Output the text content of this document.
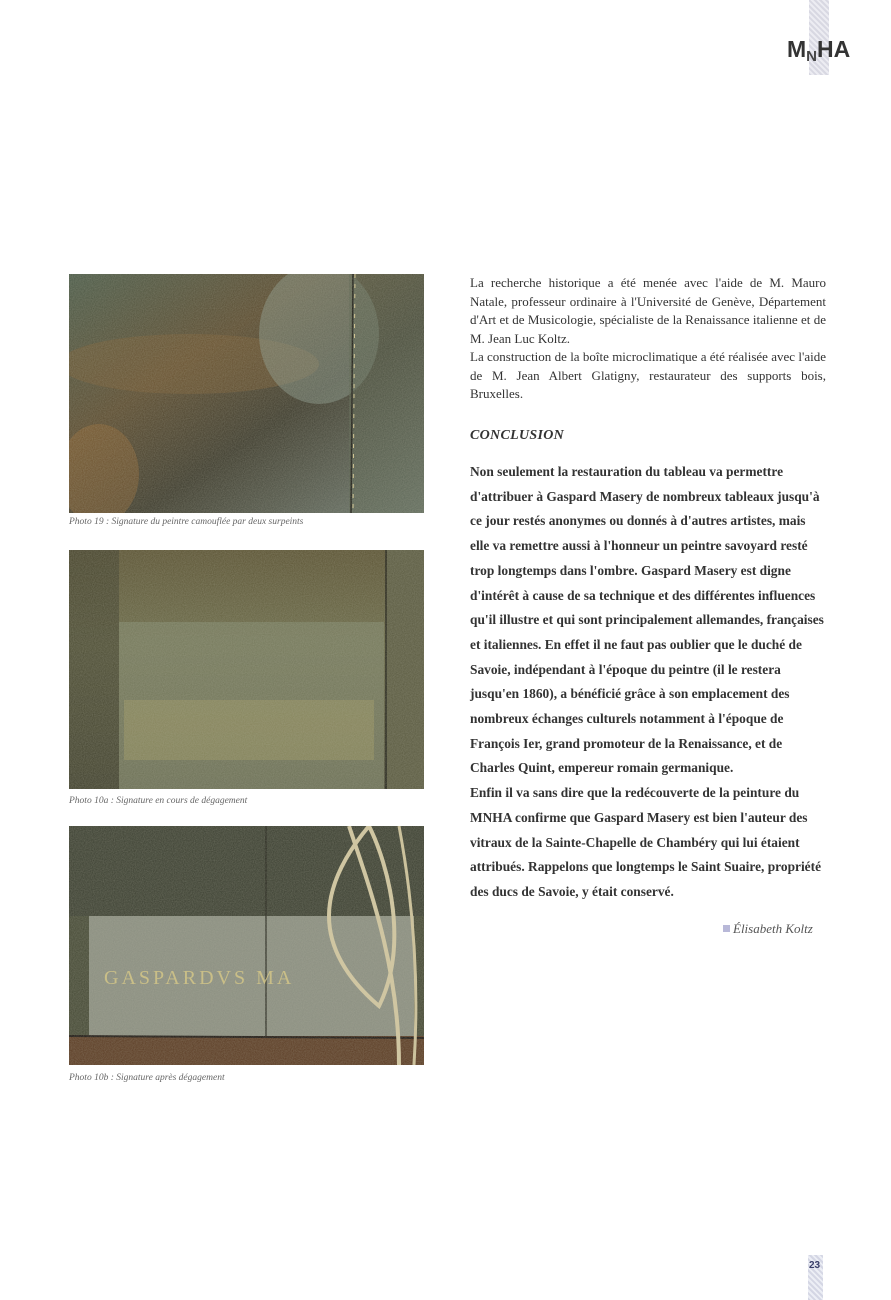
MNHA
Photo 19 : Signature du peintre camouflée par deux surpeints
Photo 10a : Signature en cours de dégagement
Photo 10b : Signature après dégagement

La recherche historique a été menée avec l'aide de M. Mauro Natale, professeur ordinaire à l'Université de Genève, Département d'Art et de Musicologie, spécialiste de la Renaissance italienne et de M. Jean Luc Koltz.

La construction de la boîte microclimatique a été réalisée avec l'aide de M. Jean Albert Glatigny, restaurateur des supports bois, Bruxelles.

CONCLUSION

Non seulement la restauration du tableau va permettre d'attribuer à Gaspard Masery de nombreux tableaux jusqu'à ce jour restés anonymes ou donnés à d'autres artistes, mais elle va remettre aussi à l'honneur un peintre savoyard resté trop longtemps dans l'ombre. Gaspard Masery est digne d'intérêt à cause de sa technique et des différentes influences qu'il illustre et qui sont principalement allemandes, françaises et italiennes. En effet il ne faut pas oublier que le duché de Savoie, indépendant à l'époque du peintre (il le restera jusqu'en 1860), a bénéficié grâce à son emplacement des nombreux échanges culturels notamment à l'époque de François Ier, grand promoteur de la Renaissance, et de Charles Quint, empereur romain germanique.

Enfin il va sans dire que la redécouverte de la peinture du MNHA confirme que Gaspard Masery est bien l'auteur des vitraux de la Sainte-Chapelle de Chambéry qui lui étaient attribués. Rappelons que longtemps le Saint Suaire, propriété des ducs de Savoie, y était conservé.

Élisabeth Koltz
23
